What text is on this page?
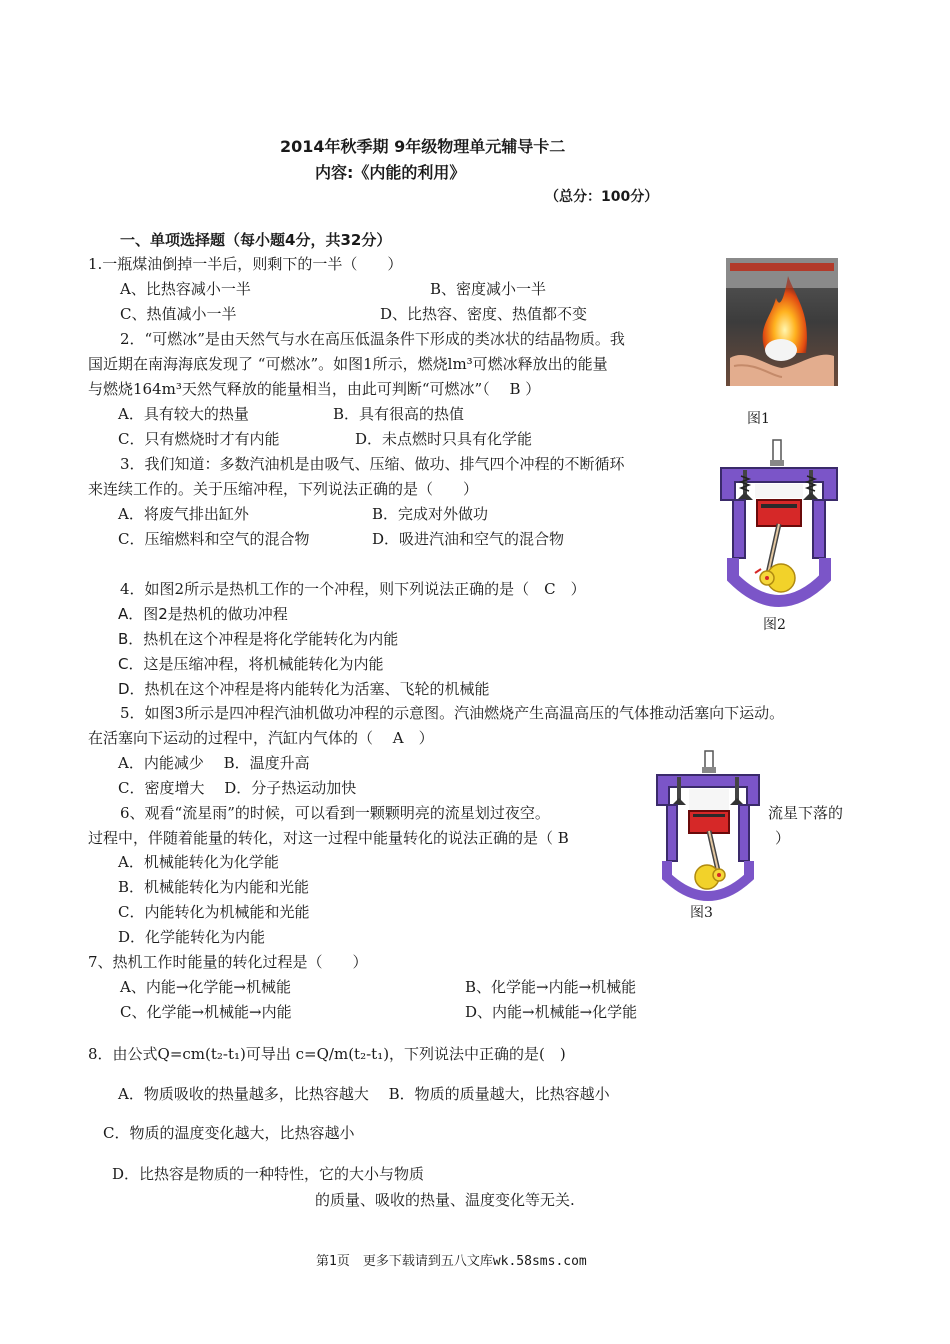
2014年秋季期 9年级物理单元辅导卡二
内容:《内能的利用》
（总分：100分）
一、单项选择题（每小题4分，共32分）
1.一瓶煤油倒掉一半后，则剩下的一半（　　）
A、比热容减小一半	B、密度减小一半
C、热值减小一半	D、比热容、密度、热值都不变
2．“可燃冰”是由天然气与水在高压低温条件下形成的类冰状的结晶物质。我
国近期在南海海底发现了 “可燃冰”。如图1所示，燃烧lm³可燃冰释放出的能量
与燃烧164m³天然气释放的能量相当，由此可判断“可燃冰”（　 B ）
A．具有较大的热量	B．具有很高的热值
C．只有燃烧时才有内能	D．未点燃时只具有化学能
3．我们知道：多数汽油机是由吸气、压缩、做功、排气四个冲程的不断循环
来连续工作的。关于压缩冲程，下列说法正确的是（　　）
A．将废气排出缸外	B．完成对外做功
C．压缩燃料和空气的混合物	D．吸进汽油和空气的混合物
4．如图2所示是热机工作的一个冲程，则下列说法正确的是（　C　）
A．图2是热机的做功冲程
B．热机在这个冲程是将化学能转化为内能
C．这是压缩冲程，将机械能转化为内能
D．热机在这个冲程是将内能转化为活塞、飞轮的机械能
5．如图3所示是四冲程汽油机做功冲程的示意图。汽油燃烧产生高温高压的气体推动活塞向下运动。
在活塞向下运动的过程中，汽缸内气体的（　 A　）
A．内能减少　 B．温度升高
C．密度增大　 D．分子热运动加快
6、观看“流星雨”的时候，可以看到一颗颗明亮的流星划过夜空。	流星下落的
过程中，伴随着能量的转化，对这一过程中能量转化的说法正确的是（ B	）
A．机械能转化为化学能
B．机械能转化为内能和光能
C．内能转化为机械能和光能
D．化学能转化为内能
7、热机工作时能量的转化过程是（　　）
A、内能→化学能→机械能	B、化学能→内能→机械能
C、化学能→机械能→内能	D、内能→机械能→化学能
8．由公式Q=cm(t₂-t₁)可导出 c=Q/m(t₂-t₁)，下列说法中正确的是(　)
A．物质吸收的热量越多，比热容越大　 B．物质的质量越大，比热容越小
C．物质的温度变化越大，比热容越小
D．比热容是物质的一种特性，它的大小与物质
的质量、吸收的热量、温度变化等无关.
图1
图2
图3
第1页　更多下载请到五八文库wk.58sms.com
